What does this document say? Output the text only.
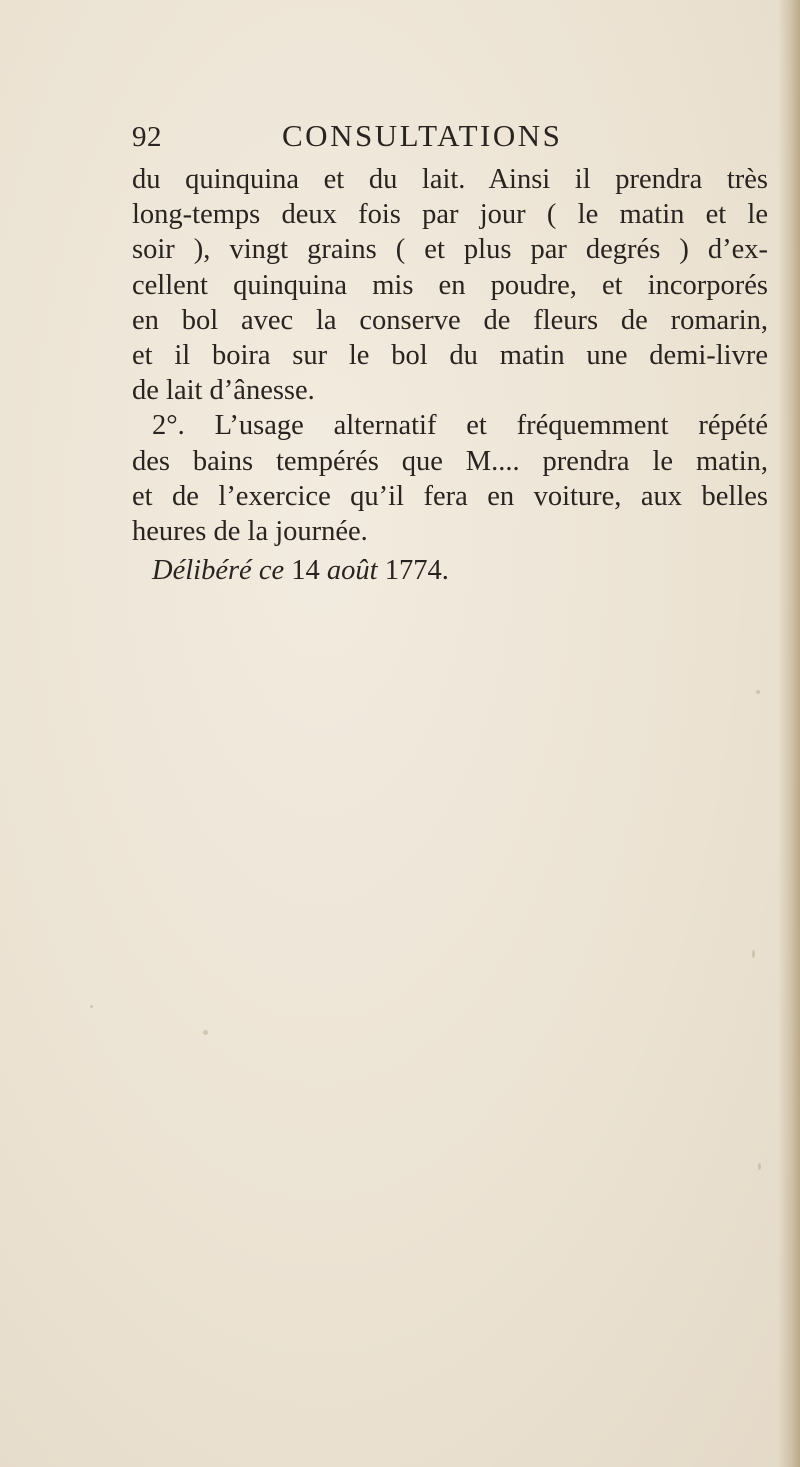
92	CONSULTATIONS
du quinquina et du lait. Ainsi il prendra très
long-temps deux fois par jour ( le matin et le
soir ), vingt grains ( et plus par degrés ) d’ex-
cellent quinquina mis en poudre, et incorporés
en bol avec la conserve de fleurs de romarin,
et il boira sur le bol du matin une demi-livre
de lait d’ânesse.
2°. L’usage alternatif et fréquemment répété
des bains tempérés que M.... prendra le matin,
et de l’exercice qu’il fera en voiture, aux belles
heures de la journée.
Délibéré ce 14 août 1774.
